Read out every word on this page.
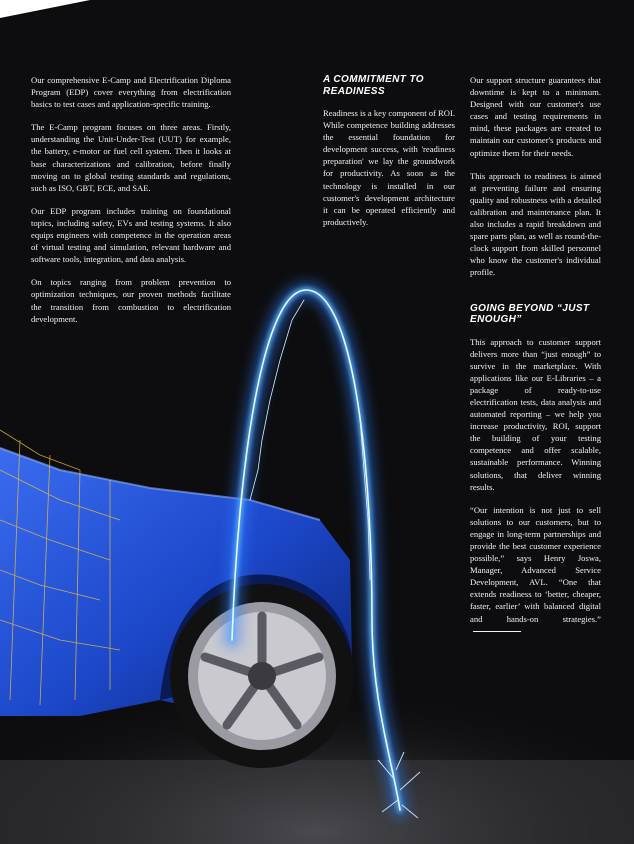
Our comprehensive E-Camp and Electrification Diploma Program (EDP) cover everything from electrification basics to test cases and application-specific training.

The E-Camp program focuses on three areas. Firstly, understanding the Unit-Under-Test (UUT) for example, the battery, e-motor or fuel cell system. Then it looks at base characterizations and calibration, before finally moving on to global testing standards and regulations, such as ISO, GBT, ECE, and SAE.

Our EDP program includes training on foundational topics, including safety, EVs and testing systems. It also equips engineers with competence in the operation areas of virtual testing and simulation, relevant hardware and software tools, integration, and data analysis.

On topics ranging from problem prevention to optimization techniques, our proven methods facilitate the transition from combustion to electrification development.

A COMMITMENT TO READINESS

Readiness is a key component of ROI. While competence building addresses the essential foundation for development success, with 'readiness preparation' we lay the groundwork for productivity. As soon as the technology is installed in our customer's development architecture it can be operated efficiently and productively.

Our support structure guarantees that downtime is kept to a minimum. Designed with our customer's use cases and testing requirements in mind, these packages are created to maintain our customer's products and optimize them for their needs.

This approach to readiness is aimed at preventing failure and ensuring quality and robustness with a detailed calibration and maintenance plan. It also includes a rapid breakdown and spare parts plan, as well as round-the-clock support from skilled personnel who know the customer's individual profile.

GOING BEYOND “JUST ENOUGH”

This approach to customer support delivers more than “just enough” to survive in the marketplace. With applications like our E-Libraries – a package of ready-to-use electrification tests, data analysis and automated reporting – we help you increase productivity, ROI, support the building of your testing competence and offer scalable, sustainable performance. Winning solutions, that deliver winning results.

“Our intention is not just to sell solutions to our customers, but to engage in long-term partnerships and provide the best customer experience possible,” says Henry Joswa, Manager, Advanced Service Development, AVL. “One that extends readiness to ‘better, cheaper, faster, earlier’ with balanced digital and hands-on strategies.”
